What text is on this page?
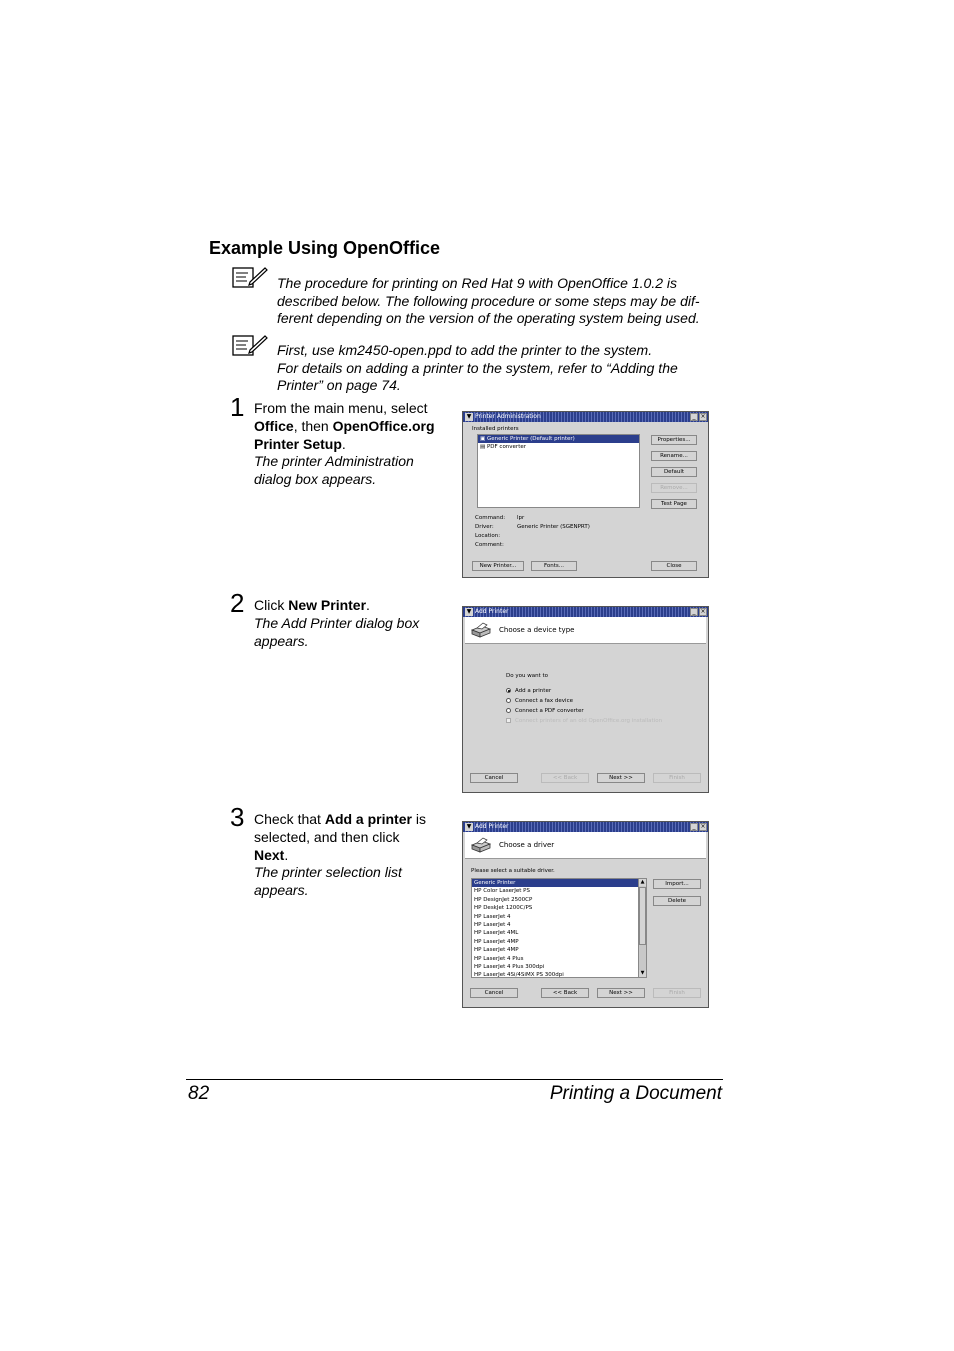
Example Using OpenOffice
The procedure for printing on Red Hat 9 with OpenOffice 1.0.2 is
described below. The following procedure or some steps may be dif-
ferent depending on the version of the operating system being used.
First, use km2450-open.ppd to add the printer to the system.
For details on adding a printer to the system, refer to “Adding the
Printer” on page 74.
1 From the main menu, select
Office, then OpenOffice.org
Printer Setup.
The printer Administration
dialog box appears.
2 Click New Printer.
The Add Printer dialog box
appears.
3 Check that Add a printer is
selected, and then click
Next.
The printer selection list
appears.
▼ Printer Administration	_ ×
Installed printers
▣ Generic Printer (Default printer)
▤ PDF converter
Properties...
Rename...
Default
Remove...
Test Page
Command: lpr
Driver:	Generic Printer (SGENPRT)
Location:
Comment:
New Printer...	Fonts...	Close
▼ Add Printer	_ ×
Choose a device type
Do you want to
Add a printer
Connect a fax device
Connect a PDF converter
Connect printers of an old OpenOffice.org installation
Cancel	<< Back	Next >>	Finish
▼ Add Printer	_ ×
Choose a driver
Please select a suitable driver.
Generic Printer
HP Color LaserJet PS
HP DesignJet 2500CP
HP DeskJet 1200C/PS
HP LaserJet 4
HP LaserJet 4
HP LaserJet 4ML
HP LaserJet 4MP
HP LaserJet 4MP
HP LaserJet 4 Plus
HP LaserJet 4 Plus 300dpi
HP LaserJet 4Si/4SiMX PS 300dpi
▲
▼
Import...
Delete
Cancel	<< Back	Next >>	Finish
82	Printing a Document
